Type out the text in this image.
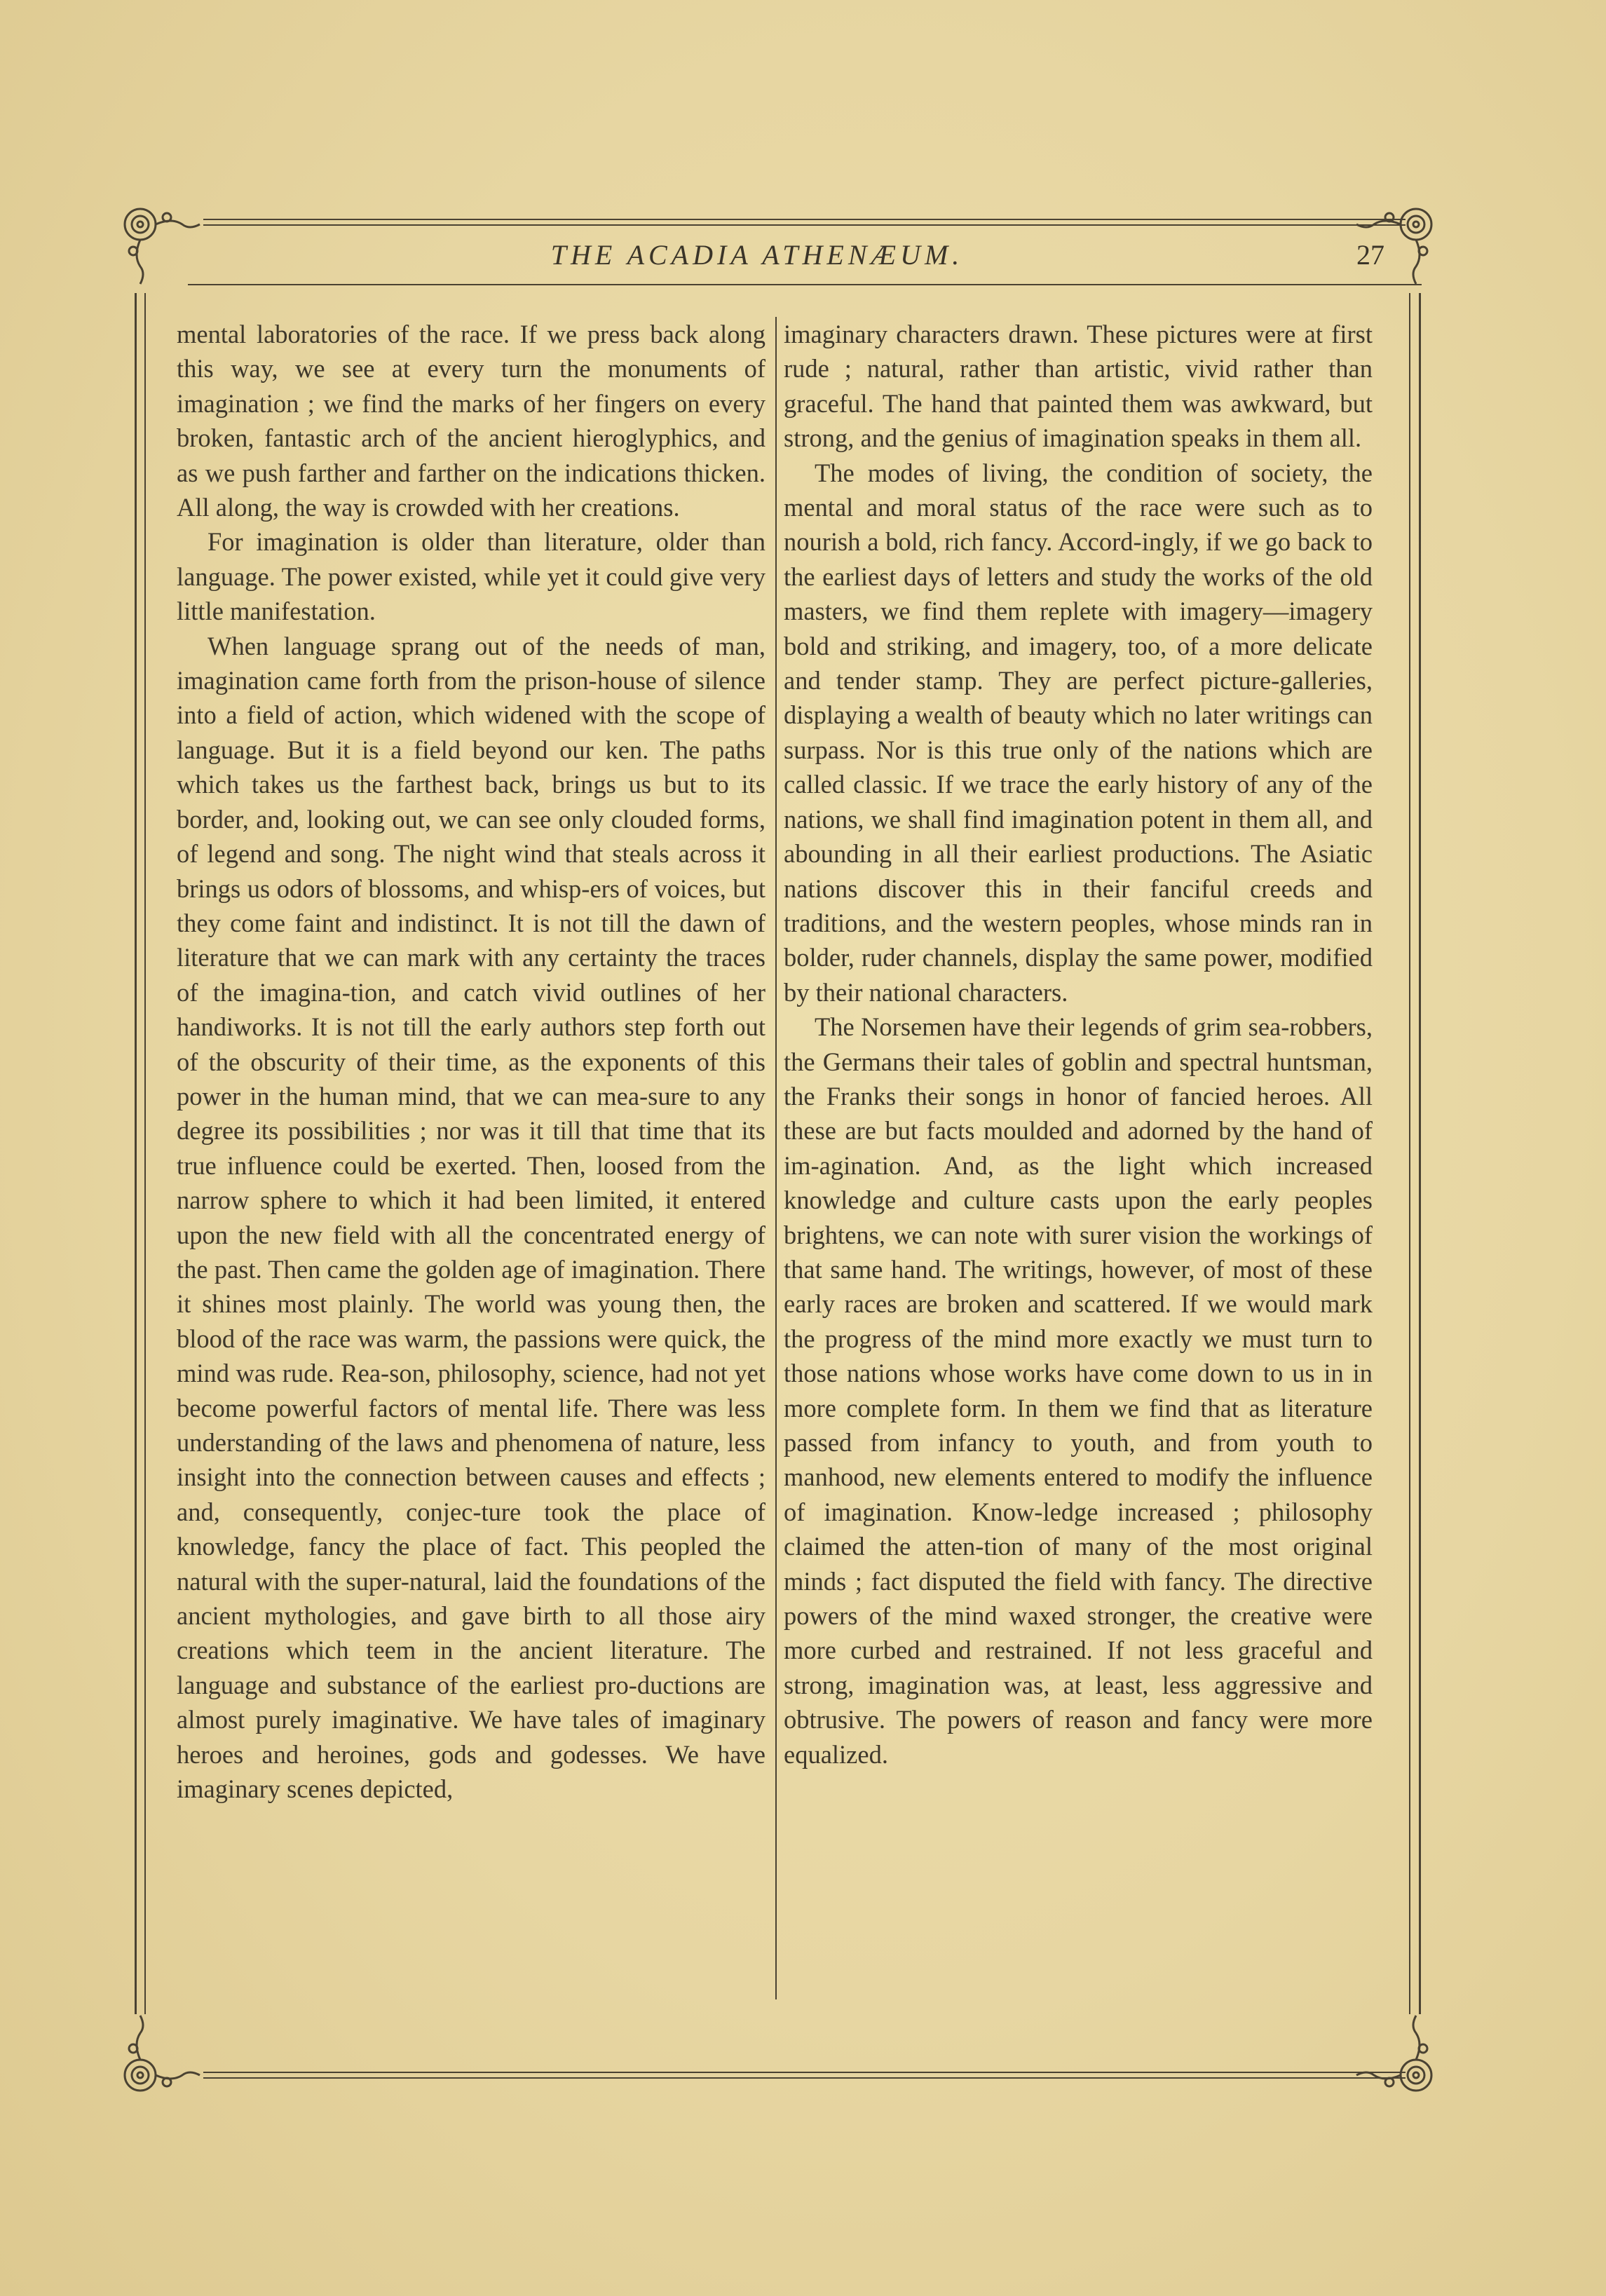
THE ACADIA ATHENÆUM.	27

mental laboratories of the race. If we press back along this way, we see at every turn the monuments of imagination ; we find the marks of her fingers on every broken, fantastic arch of the ancient hieroglyphics, and as we push farther and farther on the indications thicken. All along, the way is crowded with her creations.

For imagination is older than literature, older than language. The power existed, while yet it could give very little manifestation.

When language sprang out of the needs of man, imagination came forth from the prison-house of silence into a field of action, which widened with the scope of language. But it is a field beyond our ken. The paths which takes us the farthest back, brings us but to its border, and, looking out, we can see only clouded forms, of legend and song. The night wind that steals across it brings us odors of blossoms, and whisp-ers of voices, but they come faint and indistinct. It is not till the dawn of literature that we can mark with any certainty the traces of the imagina-tion, and catch vivid outlines of her handiworks. It is not till the early authors step forth out of the obscurity of their time, as the exponents of this power in the human mind, that we can mea-sure to any degree its possibilities ; nor was it till that time that its true influence could be exerted. Then, loosed from the narrow sphere to which it had been limited, it entered upon the new field with all the concentrated energy of the past. Then came the golden age of imagination. There it shines most plainly. The world was young then, the blood of the race was warm, the passions were quick, the mind was rude. Rea-son, philosophy, science, had not yet become powerful factors of mental life. There was less understanding of the laws and phenomena of nature, less insight into the connection between causes and effects ; and, consequently, conjec-ture took the place of knowledge, fancy the place of fact. This peopled the natural with the super-natural, laid the foundations of the ancient mythologies, and gave birth to all those airy creations which teem in the ancient literature. The language and substance of the earliest pro-ductions are almost purely imaginative. We have tales of imaginary heroes and heroines, gods and godesses. We have imaginary scenes depicted,

imaginary characters drawn. These pictures were at first rude ; natural, rather than artistic, vivid rather than graceful. The hand that painted them was awkward, but strong, and the genius of imagination speaks in them all.

The modes of living, the condition of society, the mental and moral status of the race were such as to nourish a bold, rich fancy. Accord-ingly, if we go back to the earliest days of letters and study the works of the old masters, we find them replete with imagery—imagery bold and striking, and imagery, too, of a more delicate and tender stamp. They are perfect picture-galleries, displaying a wealth of beauty which no later writings can surpass. Nor is this true only of the nations which are called classic. If we trace the early history of any of the nations, we shall find imagination potent in them all, and abounding in all their earliest productions. The Asiatic nations discover this in their fanciful creeds and traditions, and the western peoples, whose minds ran in bolder, ruder channels, display the same power, modified by their national characters.

The Norsemen have their legends of grim sea-robbers, the Germans their tales of goblin and spectral huntsman, the Franks their songs in honor of fancied heroes. All these are but facts moulded and adorned by the hand of im-agination. And, as the light which increased knowledge and culture casts upon the early peoples brightens, we can note with surer vision the workings of that same hand. The writings, however, of most of these early races are broken and scattered. If we would mark the progress of the mind more exactly we must turn to those nations whose works have come down to us in in more complete form. In them we find that as literature passed from infancy to youth, and from youth to manhood, new elements entered to modify the influence of imagination. Know-ledge increased ; philosophy claimed the atten-tion of many of the most original minds ; fact disputed the field with fancy. The directive powers of the mind waxed stronger, the creative were more curbed and restrained. If not less graceful and strong, imagination was, at least, less aggressive and obtrusive. The powers of reason and fancy were more equalized.
